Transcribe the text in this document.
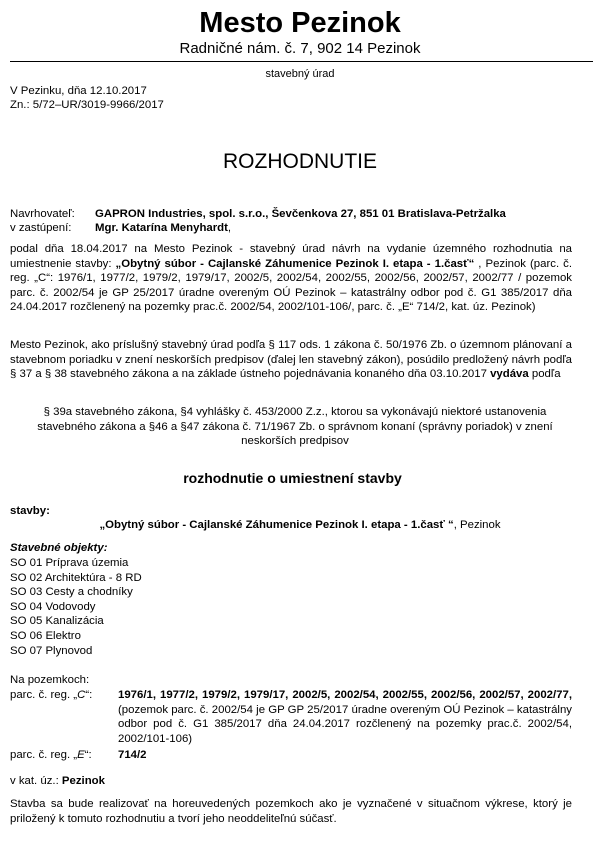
Mesto Pezinok
Radničné nám. č. 7, 902 14 Pezinok
stavebný úrad
V Pezinku, dňa 12.10.2017
Zn.: 5/72–UR/3019-9966/2017
ROZHODNUTIE
Navrhovateľ: GAPRON Industries, spol. s.r.o., Ševčenkova 27, 851 01 Bratislava-Petržalka
v zastúpení: Mgr. Katarína Menyhardt,

podal dňa 18.04.2017 na Mesto Pezinok - stavebný úrad návrh na vydanie územného rozhodnutia na umiestnenie stavby: „Obytný súbor - Cajlanské Záhumenice Pezinok I. etapa - 1.časť“ , Pezinok (parc. č. reg. „C“: 1976/1, 1977/2, 1979/2, 1979/17, 2002/5, 2002/54, 2002/55, 2002/56, 2002/57, 2002/77 / pozemok parc. č. 2002/54 je GP 25/2017 úradne overeným OÚ Pezinok – katastrálny odbor pod č. G1 385/2017 dňa 24.04.2017 rozčlenený na pozemky prac.č. 2002/54, 2002/101-106/, parc. č. „E“ 714/2, kat. úz. Pezinok)

Mesto Pezinok, ako príslušný stavebný úrad podľa § 117 ods. 1 zákona č. 50/1976 Zb. o územnom plánovaní a stavebnom poriadku v znení neskorších predpisov (ďalej len stavebný zákon), posúdilo predložený návrh podľa § 37 a § 38 stavebného zákona a na základe ústneho pojednávania konaného dňa 03.10.2017 vydáva podľa

§ 39a stavebného zákona, §4 vyhlášky č. 453/2000 Z.z., ktorou sa vykonávajú niektoré ustanovenia stavebného zákona a §46 a §47 zákona č. 71/1967 Zb. o správnom konaní (správny poriadok) v znení neskorších predpisov

rozhodnutie o umiestnení stavby
stavby:
„Obytný súbor - Cajlanské Záhumenice Pezinok I. etapa - 1.časť “, Pezinok
Stavebné objekty:
SO 01 Príprava územia
SO 02 Architektúra - 8 RD
SO 03 Cesty a chodníky
SO 04 Vodovody
SO 05 Kanalizácia
SO 06 Elektro
SO 07 Plynovod
Na pozemkoch:
parc. č. reg. „C“: 1976/1, 1977/2, 1979/2, 1979/17, 2002/5, 2002/54, 2002/55, 2002/56, 2002/57, 2002/77, (pozemok parc. č. 2002/54 je GP GP 25/2017 úradne overeným OÚ Pezinok – katastrálny odbor pod č. G1 385/2017 dňa 24.04.2017 rozčlenený na pozemky prac.č. 2002/54, 2002/101-106)

parc. č. reg. „E“: 714/2
v kat. úz.: Pezinok

Stavba sa bude realizovať na horeuvedených pozemkoch ako je vyznačené v situačnom výkrese, ktorý je priložený k tomuto rozhodnutiu a tvorí jeho neoddeliteľnú súčasť.
